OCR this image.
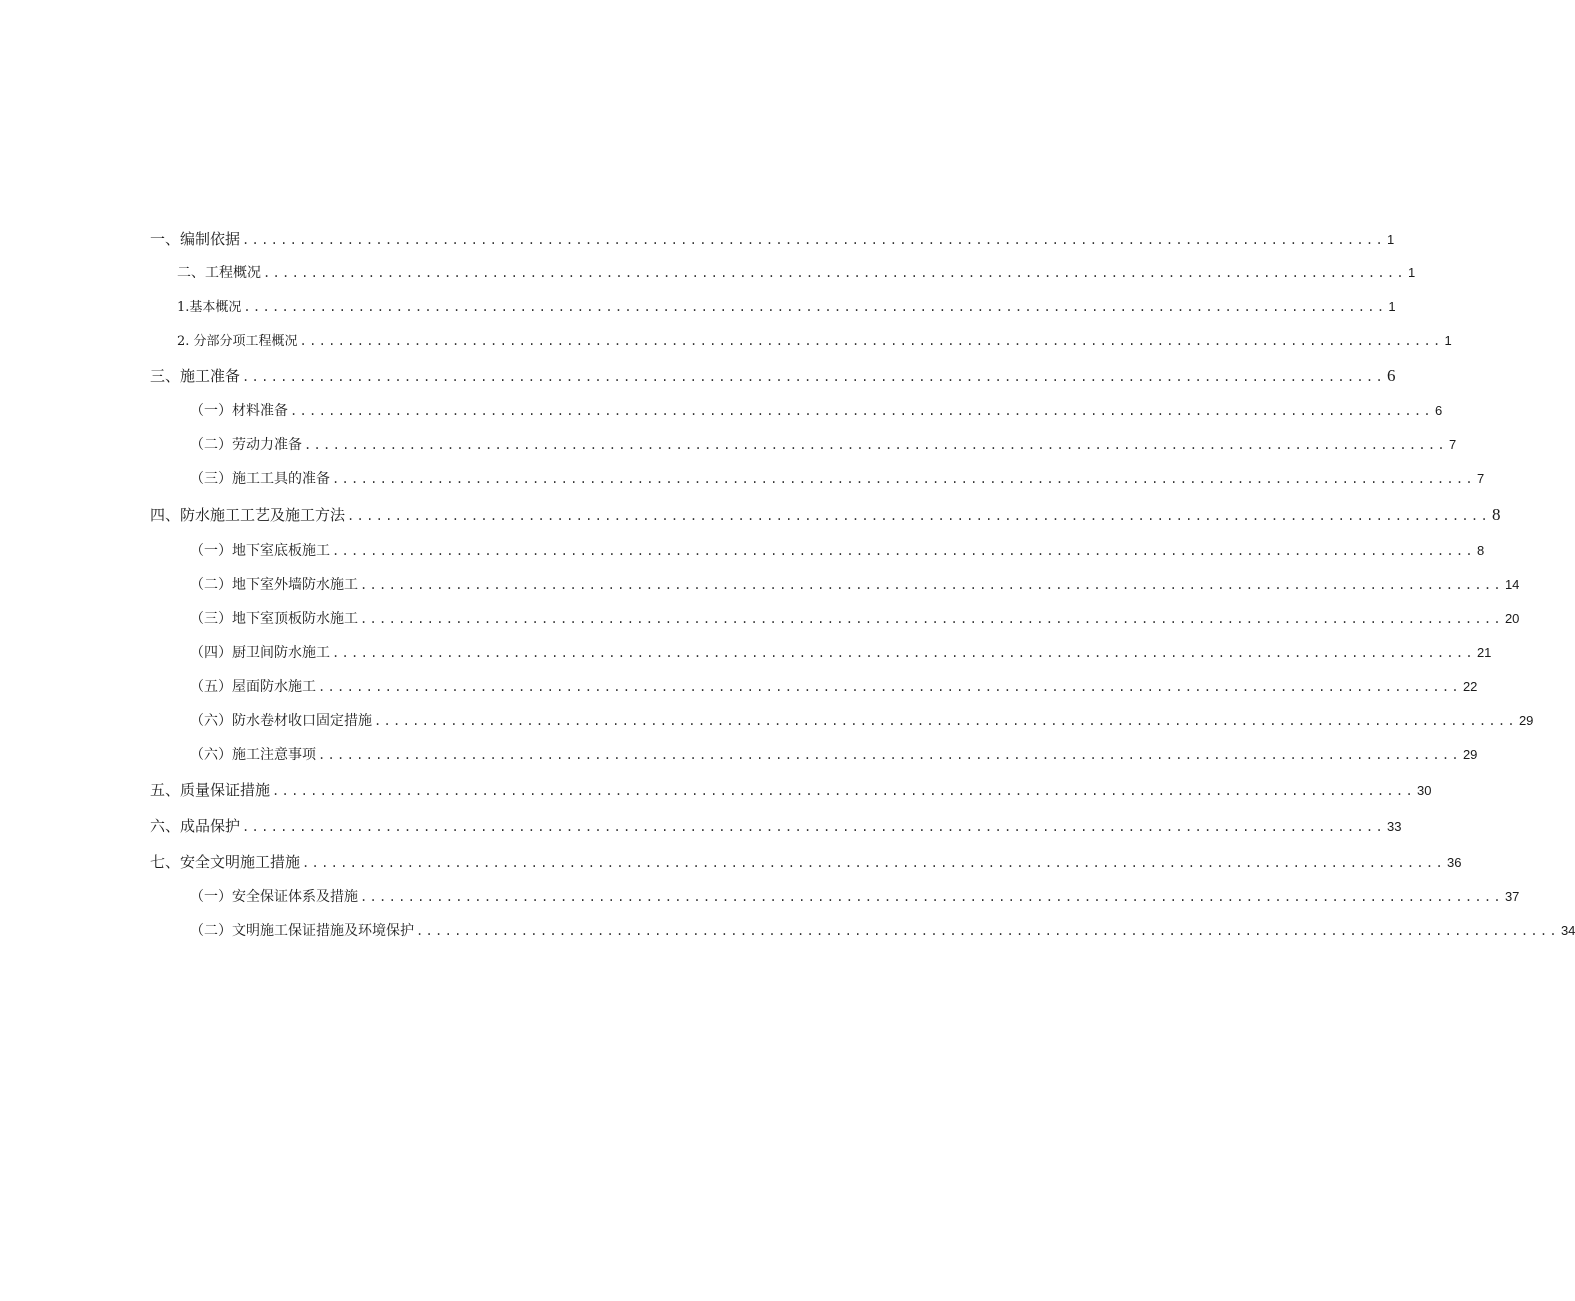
一、编制依据 ........................................................................................................................ 1
二、工程概况 ........................................................................................................................ 1
1.基本概况 ........................................................................................................................ 1
2. 分部分项工程概况 ........................................................................................................................ 1
三、施工准备 ........................................................................................................................ 6
（一）材料准备 ........................................................................................................................ 6
（二）劳动力准备 ........................................................................................................................ 7
（三）施工工具的准备 ........................................................................................................................ 7
四、防水施工工艺及施工方法 ........................................................................................................................ 8
（一）地下室底板施工 ........................................................................................................................ 8
（二）地下室外墙防水施工 ........................................................................................................................ 14
（三）地下室顶板防水施工 ........................................................................................................................ 20
（四）厨卫间防水施工 ........................................................................................................................ 21
（五）屋面防水施工 ........................................................................................................................ 22
（六）防水卷材收口固定措施 ........................................................................................................................ 29
（六）施工注意事项 ........................................................................................................................ 29
五、质量保证措施 ........................................................................................................................ 30
六、成品保护 ........................................................................................................................ 33
七、安全文明施工措施 ........................................................................................................................ 36
（一）安全保证体系及措施 ........................................................................................................................ 37
（二）文明施工保证措施及环境保护 ........................................................................................................................ 34
